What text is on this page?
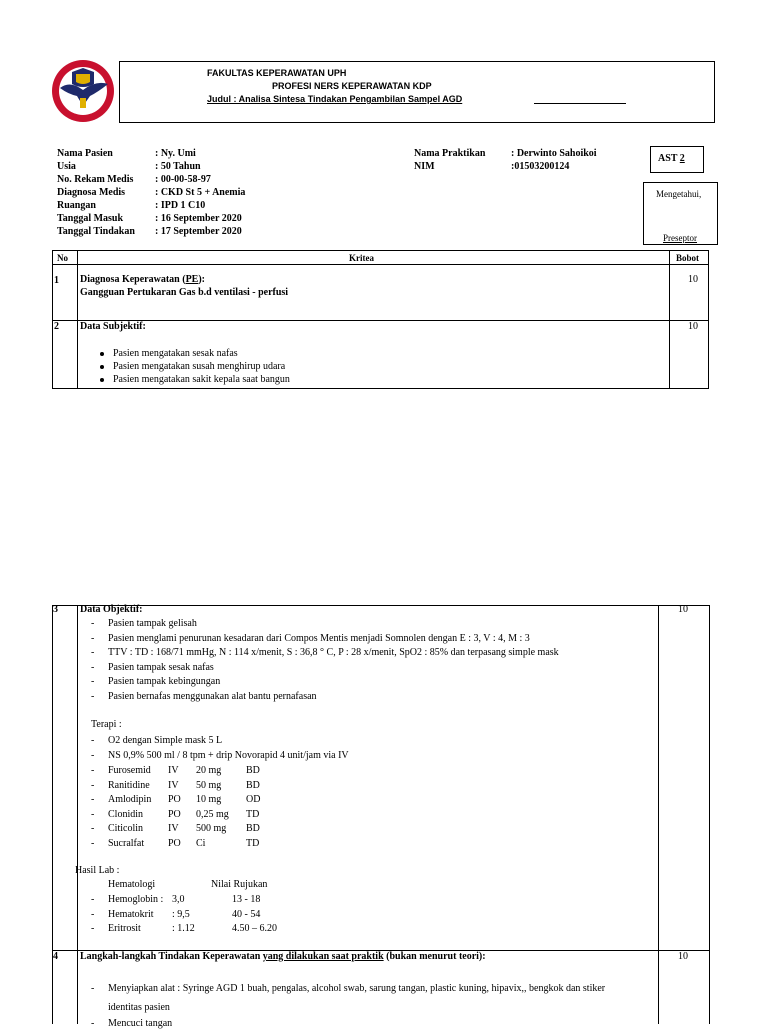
FAKULTAS KEPERAWATAN UPH
PROFESI NERS KEPERAWATAN KDP
Judul : Analisa Sintesa Tindakan Pengambilan Sampel AGD
Nama Pasien	: Ny. Umi
Usia	: 50 Tahun
No. Rekam Medis : 00-00-58-97
Diagnosa Medis	: CKD St 5 + Anemia
Ruangan	: IPD 1 C10
Tanggal Masuk	: 16 September 2020
Tanggal Tindakan : 17 September 2020
Nama Praktikan	: Derwinto Sahoikoi
NIM	:01503200124
AST 2
Mengetahui,
Preseptor
No	Kritea	Bobot
1 Diagnosa Keperawatan (PE):
Gangguan Pertukaran Gas b.d ventilasi - perfusi
10
2 Data Subjektif:	10
Pasien mengatakan sesak nafas
Pasien mengatakan susah menghirup udara
Pasien mengatakan sakit kepala saat bangun
3 Data Objektif:	10
- Pasien tampak gelisah
- Pasien menglami penurunan kesadaran dari Compos Mentis menjadi Somnolen dengan E : 3, V : 4, M : 3
- TTV : TD : 168/71 mmHg, N : 114 x/menit, S : 36,8 ° C, P : 28 x/menit, SpO2 : 85% dan terpasang simple mask
- Pasien tampak sesak nafas
- Pasien tampak kebingungan
- Pasien bernafas menggunakan alat bantu pernafasan
Terapi :
- O2 dengan Simple mask 5 L
- NS 0,9% 500 ml / 8 tpm + drip Novorapid 4 unit/jam via IV
- Furosemid IV 20 mg BD
- Ranitidine IV 50 mg BD
- Amlodipin PO 10 mg OD
- Clonidin PO 0,25 mg TD
- Citicolin	IV 500 mg BD
- Sucralfat PO Ci	TD
Hasil Lab :
Hematologi	Nilai Rujukan
- Hemoglobin : 3,0	13 - 18
- Hematokrit : 9,5	40 - 54
- Eritrosit	: 1.12	4.50 – 6.20
4 Langkah-langkah Tindakan Keperawatan yang dilakukan saat praktik (bukan menurut teori):	10
- Menyiapkan alat : Syringe AGD 1 buah, pengalas, alcohol swab, sarung tangan, plastic kuning, hipavix,, bengkok dan stiker
identitas pasien
- Mencuci tangan
